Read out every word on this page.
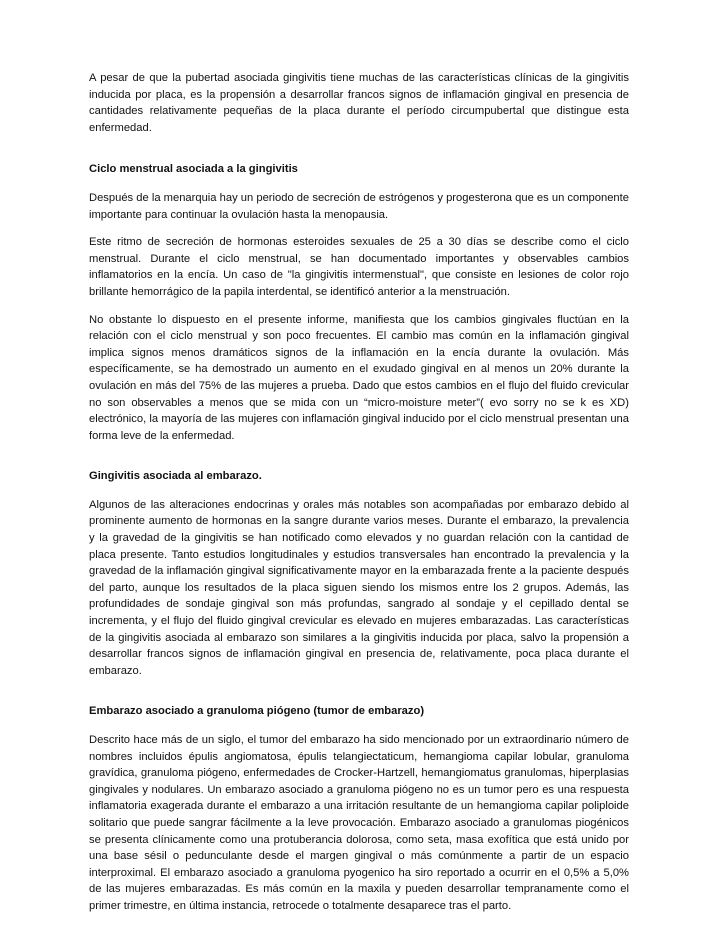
A pesar de que la pubertad asociada gingivitis tiene muchas de las características clínicas de la gingivitis inducida por placa, es la propensión a desarrollar francos signos de inflamación gingival en presencia de cantidades relativamente pequeñas de la placa durante el período circumpubertal que distingue esta enfermedad.

Ciclo menstrual asociada a la gingivitis

Después de la menarquia hay un periodo de secreción de estrógenos y progesterona que es un componente importante para continuar la ovulación hasta la menopausia.

Este ritmo de secreción de hormonas esteroides sexuales de 25 a 30 días se describe como el ciclo menstrual. Durante el ciclo menstrual, se han documentado importantes y observables cambios inflamatorios en la encía. Un caso de "la gingivitis intermenstual", que consiste en lesiones de color rojo brillante hemorrágico de la papila interdental, se identificó anterior a la menstruación.

No obstante lo dispuesto en el presente informe, manifiesta que los cambios gingivales fluctúan en la relación con el ciclo menstrual y son poco frecuentes. El cambio mas común en la inflamación gingival implica signos menos dramáticos signos de la inflamación en la encía durante la ovulación. Más específicamente, se ha demostrado un aumento en el exudado gingival en al menos un 20% durante la ovulación en más del 75% de las mujeres a prueba. Dado que estos cambios en el flujo del fluido crevicular no son observables a menos que se mida con un “micro-moisture meter”( evo sorry no se k es XD) electrónico, la mayoría de las mujeres con inflamación gingival inducido por el ciclo menstrual presentan una forma leve de la enfermedad.

Gingivitis asociada al embarazo.

Algunos de las alteraciones endocrinas y orales más notables son acompañadas por embarazo debido al prominente aumento de hormonas en la sangre durante varios meses. Durante el embarazo, la prevalencia y la gravedad de la gingivitis se han notificado como elevados y no guardan relación con la cantidad de placa presente. Tanto estudios longitudinales y estudios transversales han encontrado la prevalencia y la gravedad de la inflamación gingival significativamente mayor en la embarazada frente a la paciente después del parto, aunque los resultados de la placa siguen siendo los mismos entre los 2 grupos. Además, las profundidades de sondaje gingival son más profundas, sangrado al sondaje y el cepillado dental se incrementa, y el flujo del fluido gingival crevicular es elevado en mujeres embarazadas. Las características de la gingivitis asociada al embarazo son similares a la gingivitis inducida por placa, salvo la propensión a desarrollar francos signos de inflamación gingival en presencia de, relativamente, poca placa durante el embarazo.

Embarazo asociado a granuloma piógeno (tumor de embarazo)

Descrito hace más de un siglo, el tumor del embarazo ha sido mencionado por un extraordinario número de nombres incluidos épulis angiomatosa, épulis telangiectaticum, hemangioma capilar lobular, granuloma gravídica, granuloma piógeno, enfermedades de Crocker-Hartzell, hemangiomatus granulomas, hiperplasias gingivales y nodulares. Un embarazo asociado a granuloma piógeno no es un tumor pero es una respuesta inflamatoria exagerada durante el embarazo a una irritación resultante de un hemangioma capilar poliploide solitario que puede sangrar fácilmente a la leve provocación. Embarazo asociado a granulomas piogénicos se presenta clínicamente como una protuberancia dolorosa, como seta, masa exofítica que está unido por una base sésil o pedunculante desde el margen gingival o más comúnmente a partir de un espacio interproximal. El embarazo asociado a granuloma pyogenico ha siro reportado a ocurrir en el 0,5% a 5,0% de las mujeres embarazadas. Es más común en la maxila y pueden desarrollar tempranamente como el primer trimestre, en última instancia, retrocede o totalmente desaparece tras el parto.
